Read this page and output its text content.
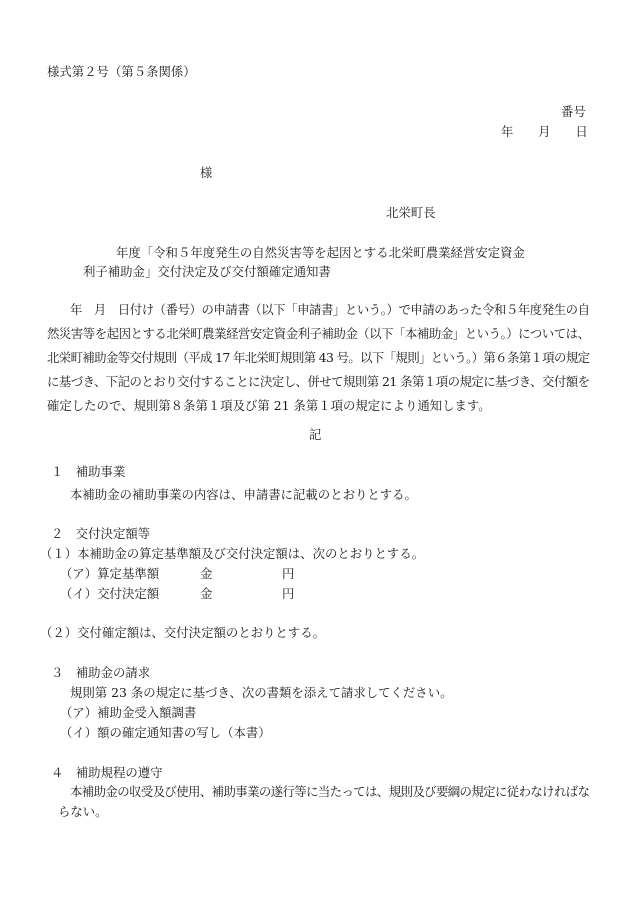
様式第２号（第５条関係）
番号
年　　月　　日
様
北栄町長
年度「令和５年度発生の自然災害等を起因とする北栄町農業経営安定資金
利子補助金」交付決定及び交付額確定通知書
年　月　日付け（番号）の申請書（以下「申請書」という。）で申請のあった令和５年度発生の自
然災害等を起因とする北栄町農業経営安定資金利子補助金（以下「本補助金」という。）については、
北栄町補助金等交付規則（平成 17 年北栄町規則第 43 号。以下「規則」という。）第６条第１項の規定
に基づき、下記のとおり交付することに決定し、併せて規則第 21 条第１項の規定に基づき、交付額を
確定したので、規則第８条第１項及び第 21 条第１項の規定により通知します。
記
１　補助事業
本補助金の補助事業の内容は、申請書に記載のとおりとする。
２　交付決定額等
（１）本補助金の算定基準額及び交付決定額は、次のとおりとする。
（ア）算定基準額	金	円
（イ）交付決定額	金	円
（２）交付確定額は、交付決定額のとおりとする。
３　補助金の請求
規則第 23 条の規定に基づき、次の書類を添えて請求してください。
（ア）補助金受入額調書
（イ）額の確定通知書の写し（本書）
４　補助規程の遵守
本補助金の収受及び使用、補助事業の遂行等に当たっては、規則及び要綱の規定に従わなければな
らない。
